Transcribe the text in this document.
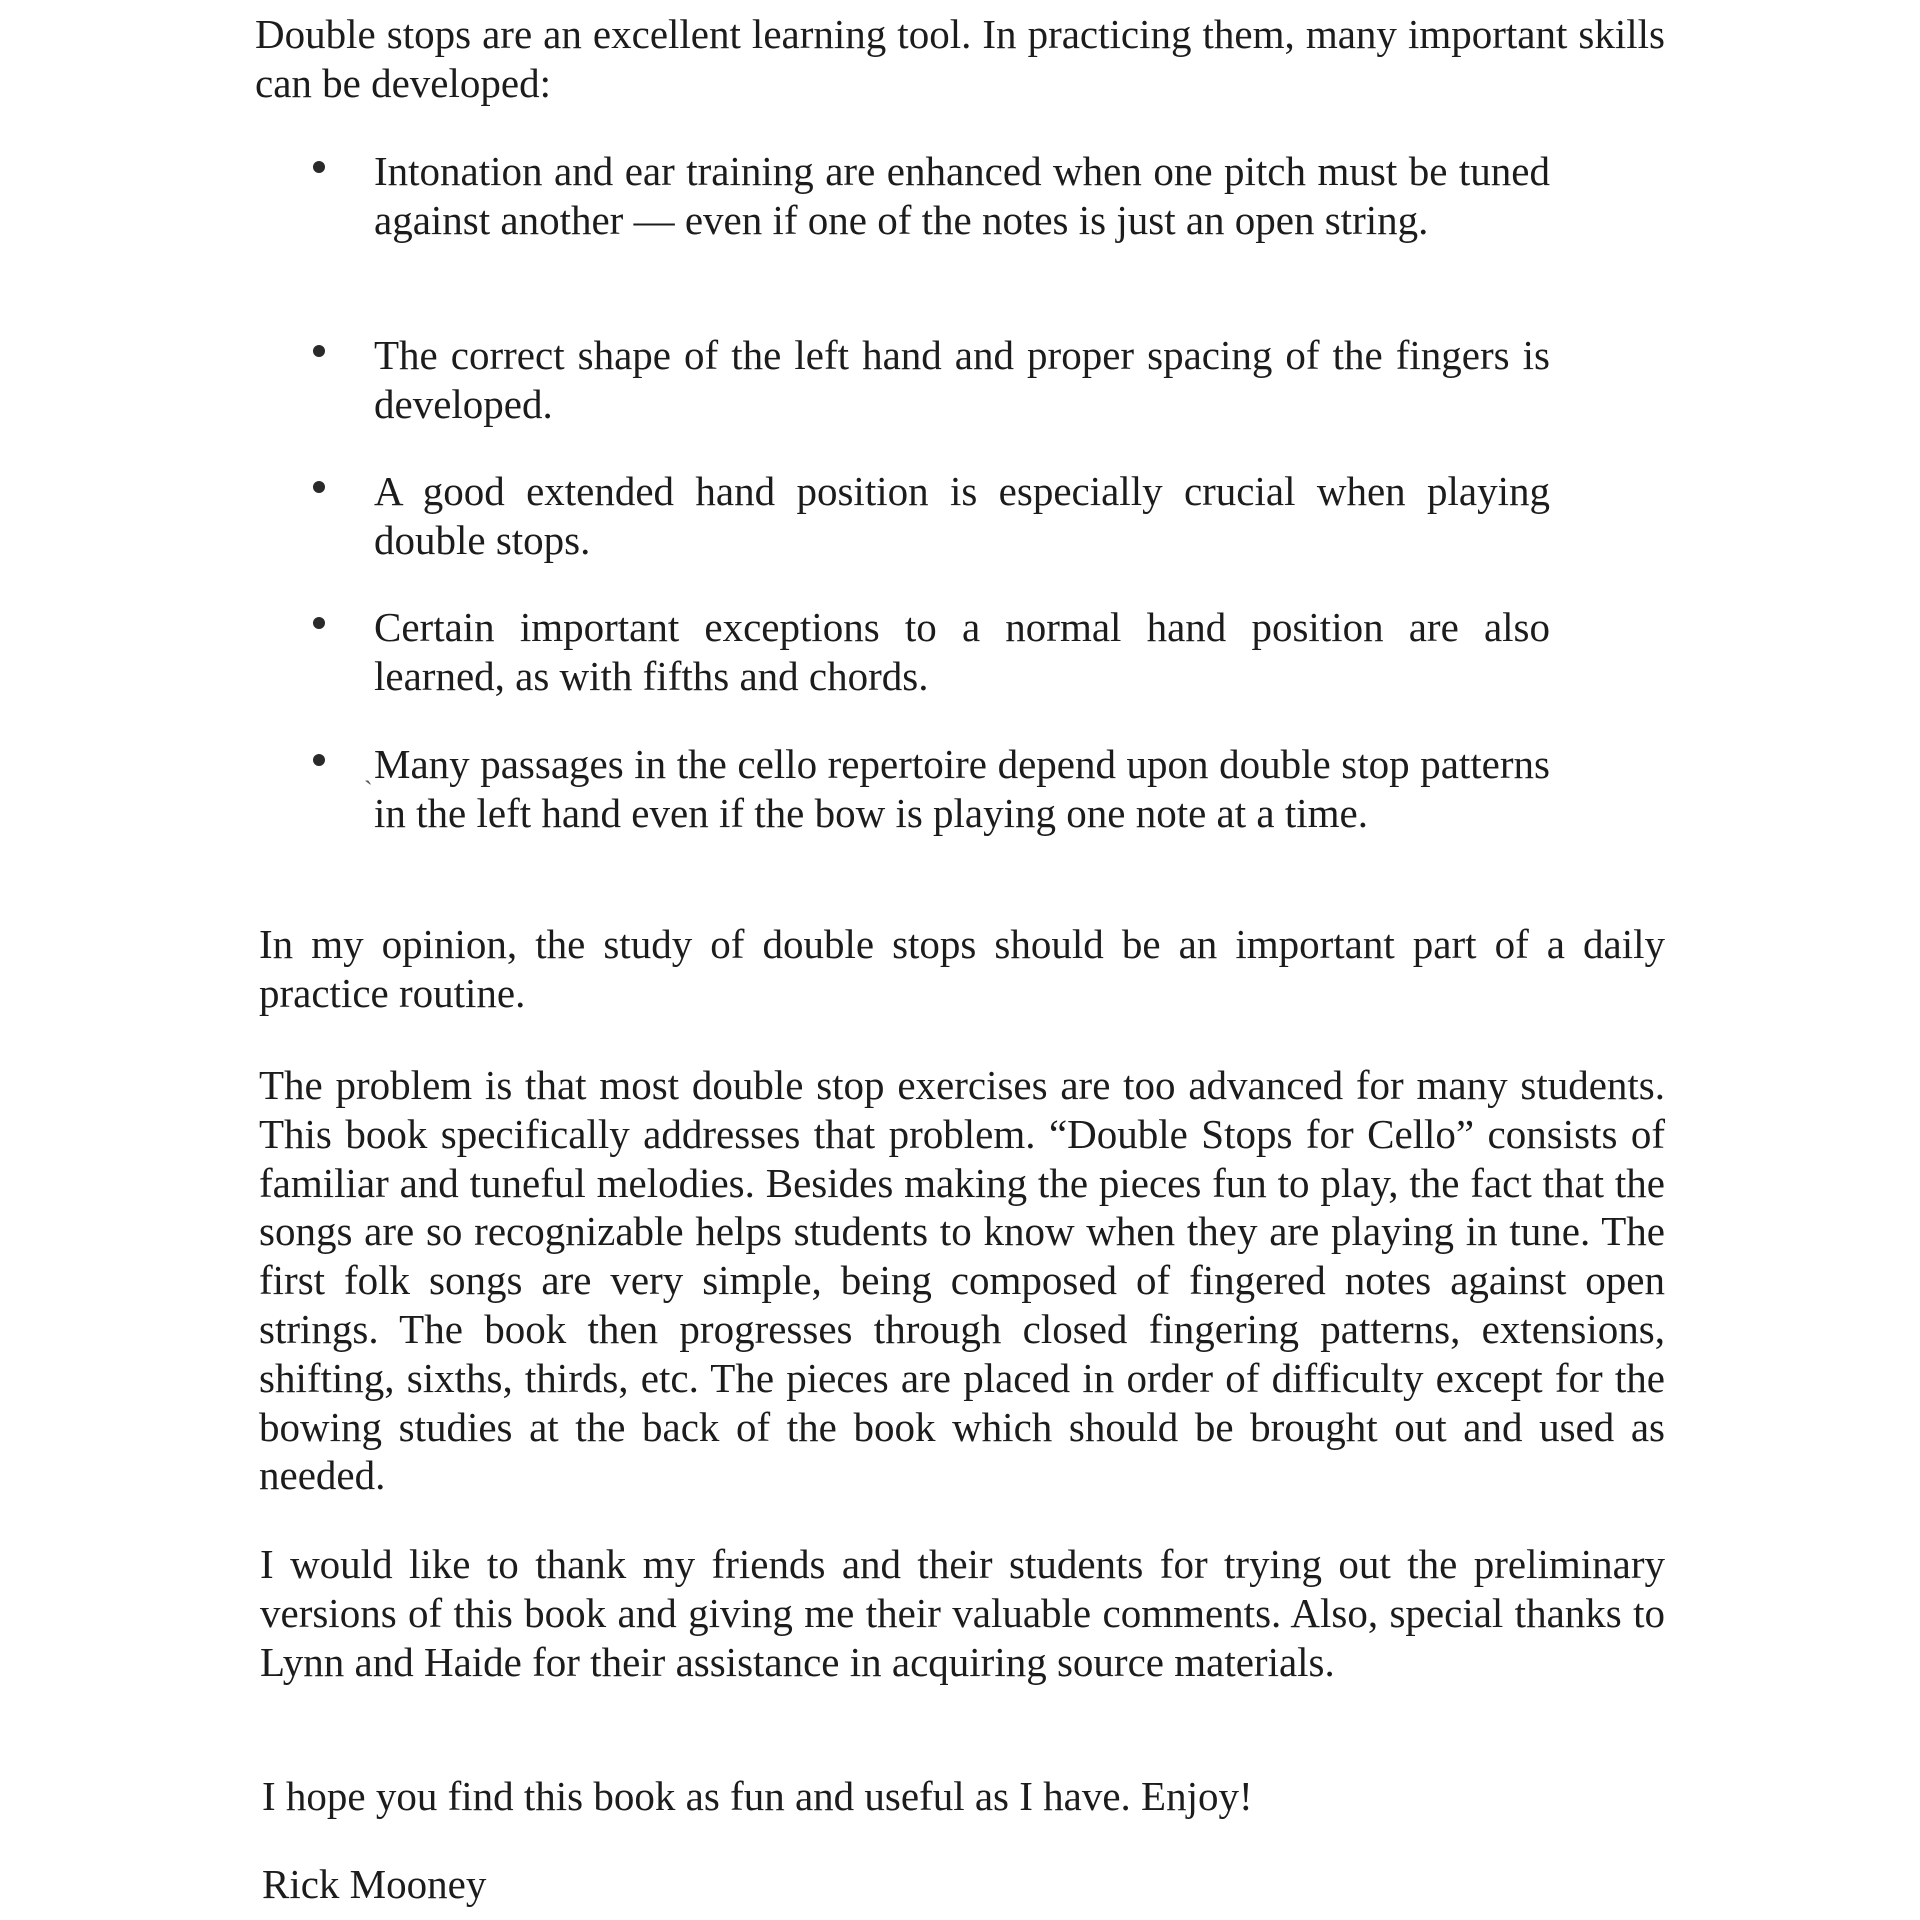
Double stops are an excellent learning tool. In practicing them, many important skills can be developed:

Intonation and ear training are enhanced when one pitch must be tuned against another — even if one of the notes is just an open string.

The correct shape of the left hand and proper spacing of the fingers is developed.

A good extended hand position is especially crucial when playing double stops.

Certain important exceptions to a normal hand position are also learned, as with fifths and chords.

Many passages in the cello repertoire depend upon double stop patterns in the left hand even if the bow is playing one note at a time.

`

In my opinion, the study of double stops should be an important part of a daily practice routine.

The problem is that most double stop exercises are too advanced for many students. This book specifically addresses that problem. “Double Stops for Cello” consists of familiar and tuneful melodies. Besides making the pieces fun to play, the fact that the songs are so recognizable helps students to know when they are playing in tune. The first folk songs are very simple, being composed of fingered notes against open strings. The book then progresses through closed fingering patterns, extensions, shifting, sixths, thirds, etc. The pieces are placed in order of difficulty except for the bowing studies at the back of the book which should be brought out and used as needed.

I would like to thank my friends and their students for trying out the preliminary versions of this book and giving me their valuable comments. Also, special thanks to Lynn and Haide for their assistance in acquiring source materials.

I hope you find this book as fun and useful as I have. Enjoy!

Rick Mooney
